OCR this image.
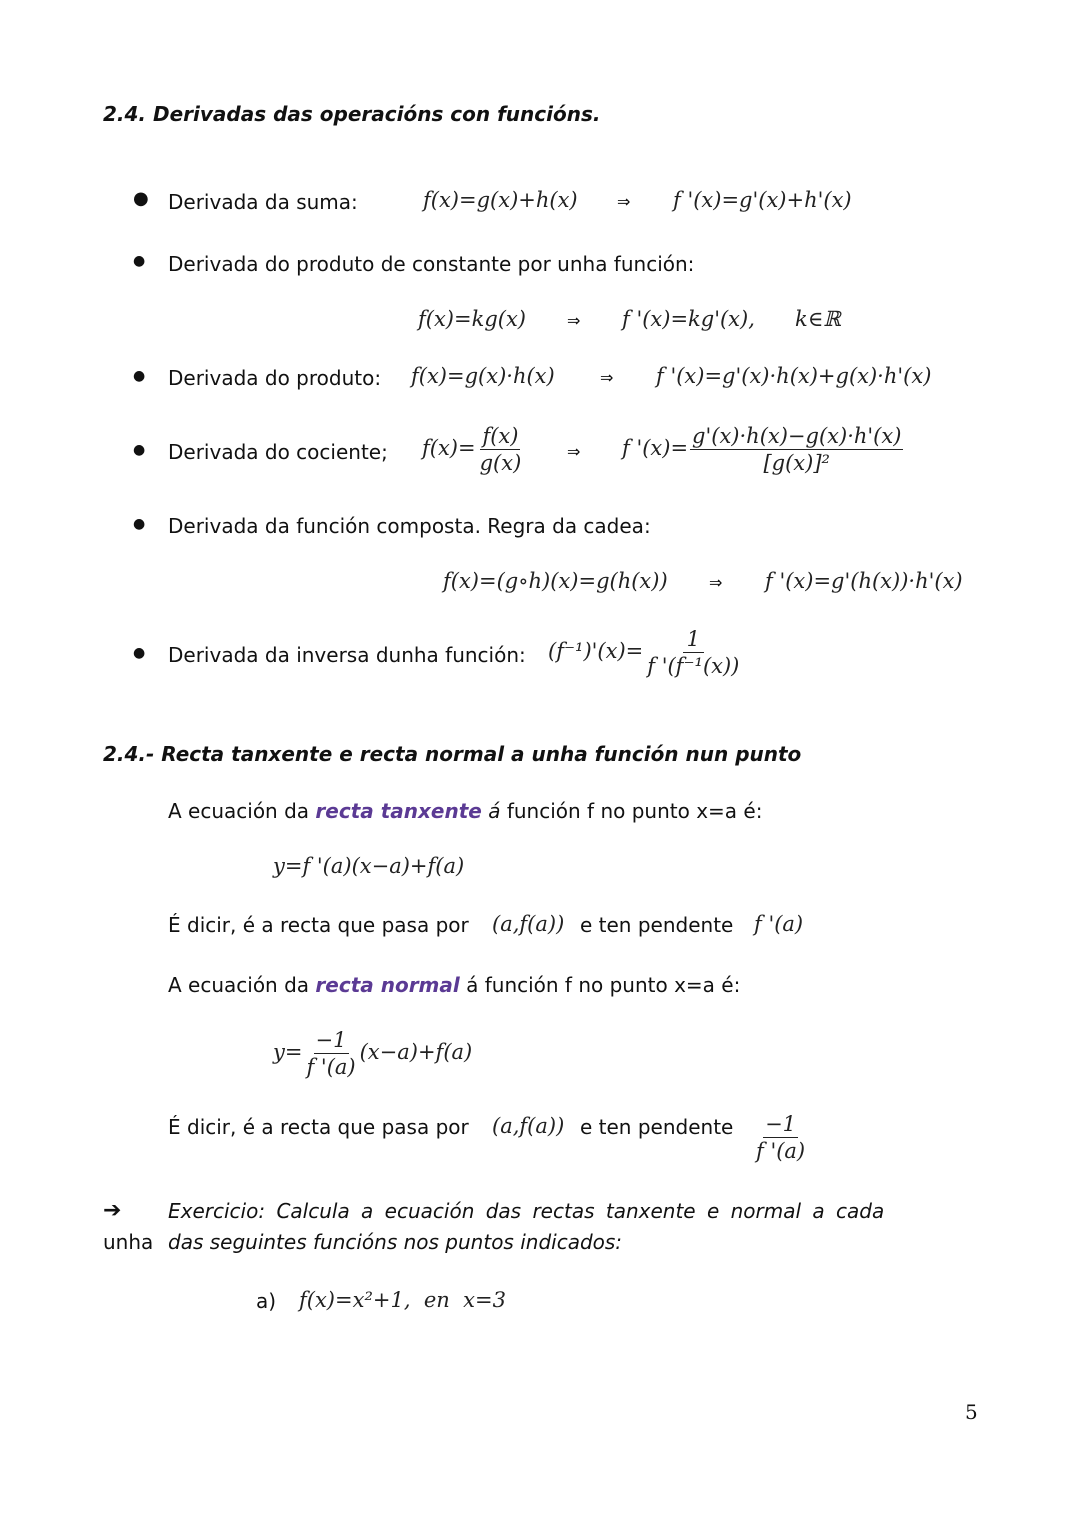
2.4. Derivadas das operacións con funcións.
● Derivada da suma:	f(x)=g(x)+h(x) ⇒ f '(x)=g'(x)+h'(x)
● Derivada do produto de constante por unha función:
f(x)=kg(x)	⇒ f '(x)=kg'(x), k∈ℝ
● Derivada do produto: f(x)=g(x)·h(x)	⇒ f '(x)=g'(x)·h(x)+g(x)·h'(x)
● Derivada do cociente; $f(x)= \frac{f(x)}{g(x)}$	⇒ f '$(x)= \frac{g'(x)\cdot h(x)-g(x)\cdot h'(x)}{\text{[g(x)]²}}$
● Derivada da función composta. Regra da cadea:
f(x)=(g∘h)(x)=g(h(x))	⇒ f '(x)=g'(h(x))·h'(x)
● Derivada da inversa dunha función: $(f^{-1})'(x)= \frac{1}{\text{f '(f⁻¹(x))}}$
2.4.- Recta tanxente e recta normal a unha función nun punto
A ecuación da recta tanxente á función f no punto x=a é:
y=f '(a)(x−a)+f(a)
É dicir, é a recta que pasa por (a,f(a)) e ten pendente f '(a)
A ecuación da recta normal á función f no punto x=a é:
$y= \frac{-1}{f '(a)} (x-a)+f(a)$
É dicir, é a recta que pasa por (a,f(a)) e ten pendente $\frac{-1}{f '(a)}$
➔ Exercicio: Calcula a ecuación das rectas tanxente e normal a cada
unha das seguintes funcións nos puntos indicados:
a) f(x)=x²+1, en x=3
5
